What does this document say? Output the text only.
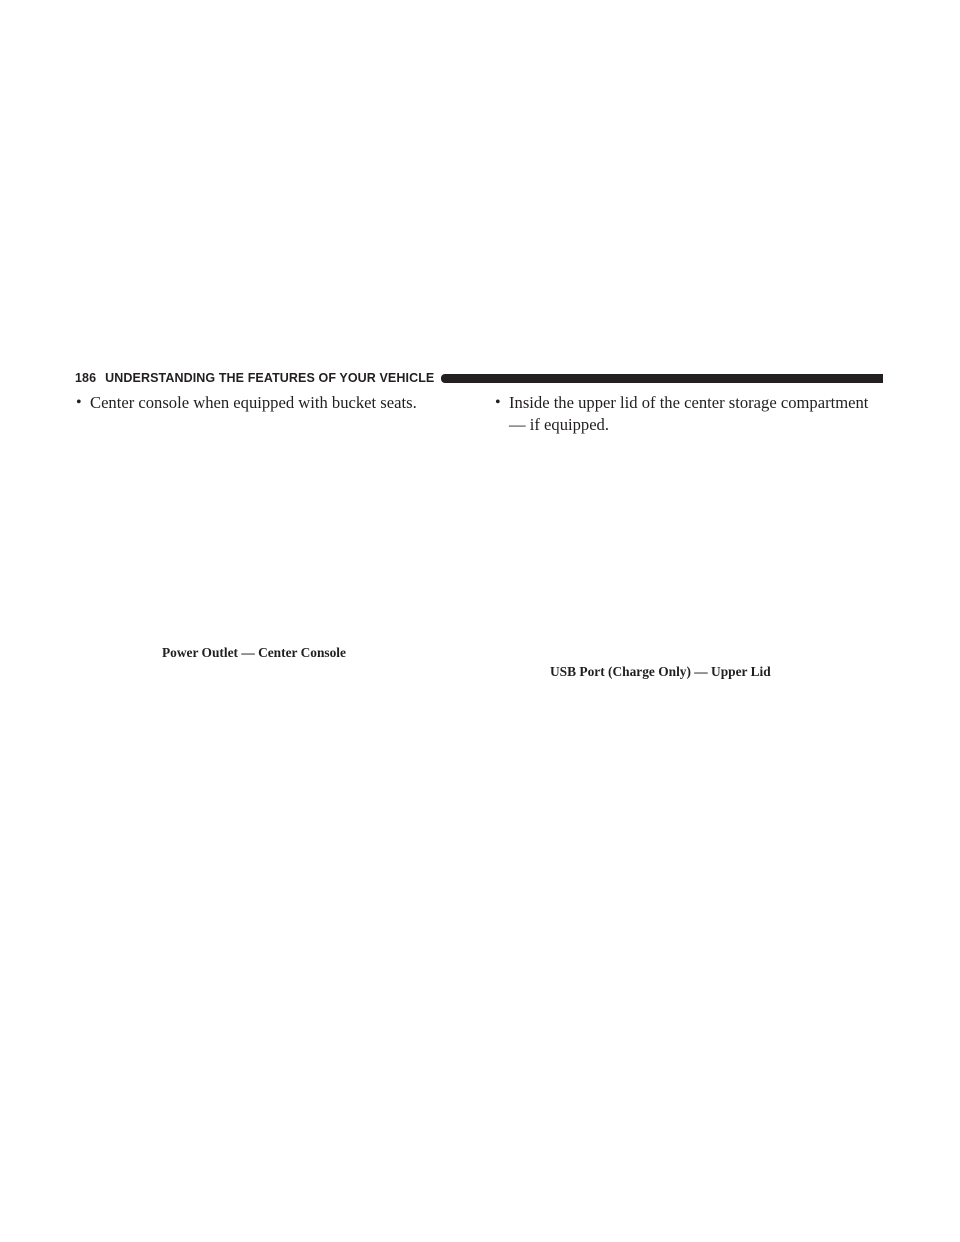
186 UNDERSTANDING THE FEATURES OF YOUR VEHICLE
• Center console when equipped with bucket seats.
Power Outlet — Center Console
• Inside the upper lid of the center storage compartment — if equipped.
USB Port (Charge Only) — Upper Lid
